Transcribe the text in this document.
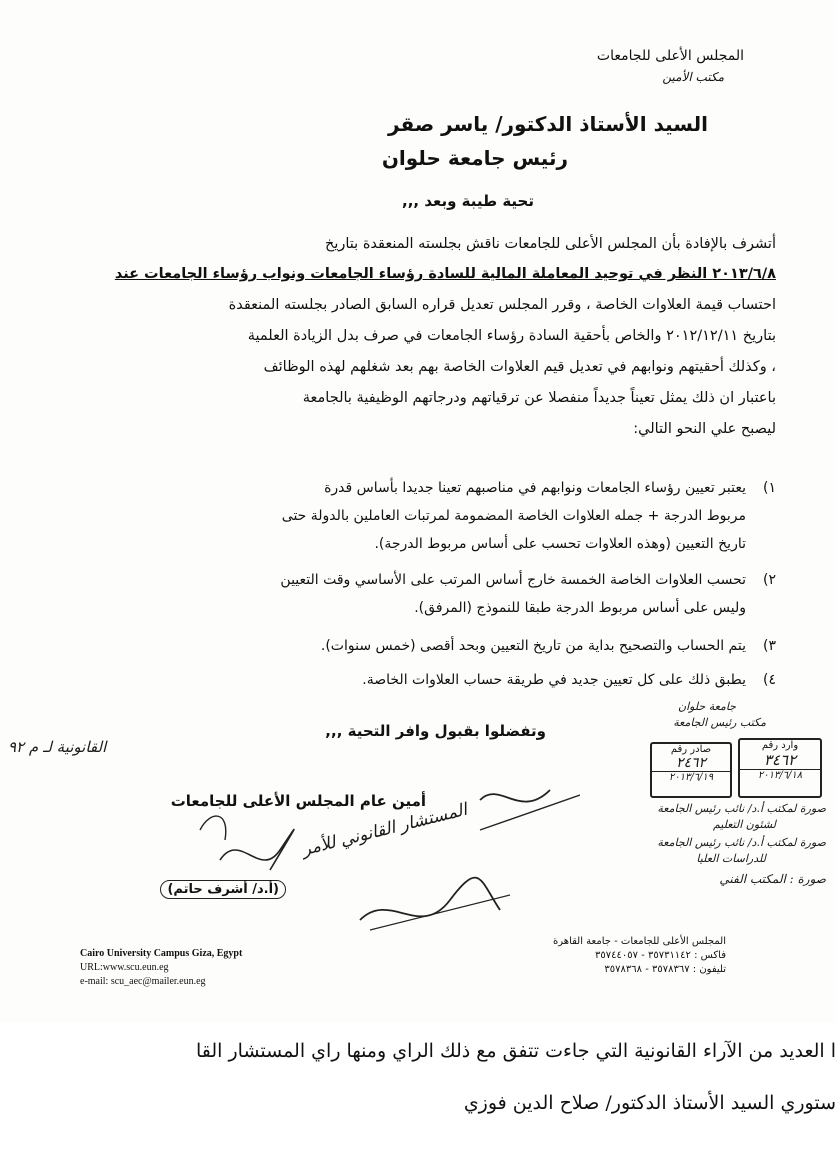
المجلس الأعلى للجامعات
مكتب الأمين
السيد الأستاذ الدكتور/ ياسر صقر
رئيس جامعة حلوان
تحية طيبة وبعد ,,,
أتشرف بالإفادة بأن المجلس الأعلى للجامعات ناقش بجلسته المنعقدة بتاريخ
٢٠١٣/٦/٨ النظر في توحيد المعاملة المالية للسادة رؤساء الجامعات ونواب رؤساء الجامعات عند
احتساب قيمة العلاوات الخاصة ، وقرر المجلس تعديل قراره السابق الصادر بجلسته المنعقدة
بتاريخ ٢٠١٢/١٢/١١ والخاص بأحقية السادة رؤساء الجامعات في صرف بدل الزيادة العلمية
، وكذلك أحقيتهم ونوابهم في تعديل قيم العلاوات الخاصة بهم بعد شغلهم لهذه الوظائف
باعتبار ان ذلك يمثل تعيناً جديداً منفصلا عن ترقياتهم ودرجاتهم الوظيفية بالجامعة
ليصبح علي النحو التالي:
١)
يعتبر تعيين رؤساء الجامعات ونوابهم في مناصبهم تعينا جديدا بأساس قدرة
مربوط الدرجة + جمله العلاوات الخاصة المضمومة لمرتبات العاملين بالدولة حتى
تاريخ التعيين (وهذه العلاوات تحسب على أساس مربوط الدرجة).
٢)
تحسب العلاوات الخاصة الخمسة خارج أساس المرتب على الأساسي وقت التعيين
وليس على أساس مربوط الدرجة طبقا للنموذج (المرفق).
٣)
يتم الحساب والتصحيح بداية من تاريخ التعيين وبحد أقصى (خمس سنوات).
٤)
يطبق ذلك على كل تعيين جديد في طريقة حساب العلاوات الخاصة.
وتفضلوا بقبول وافر التحية ,,,
جامعة حلوان
مكتب رئيس الجامعة
وارد رقم
٣٤٦٢
٢٠١٣/٦/١٨
صادر رقم
٢٤٦٢
٢٠١٣/٦/١٩
صورة لمكتب أ.د/ نائب رئيس الجامعة
لشئون التعليم
صورة لمكتب أ.د/ نائب رئيس الجامعة
للدراسات العليا
صورة : المكتب الفني
القانونية لـ م ٩٢
أمين عام المجلس الأعلى للجامعات
(أ.د/ أشرف حاتم)
المستشار القانوني للأمر
Cairo University Campus Giza, Egypt
URL:www.scu.eun.eg
e-mail: scu_aec@mailer.eun.eg
المجلس الأعلى للجامعات - جامعة القاهرة
فاكس : ٣٥٧٣١١٤٢ - ٣٥٧٤٤٠٥٧
تليفون : ٣٥٧٨٣٦٧ - ٣٥٧٨٣٦٨
ا العديد من الآراء القانونية التي جاءت تتفق مع ذلك الراي ومنها راي المستشار القا
ستوري السيد الأستاذ الدكتور/ صلاح الدين فوزي
